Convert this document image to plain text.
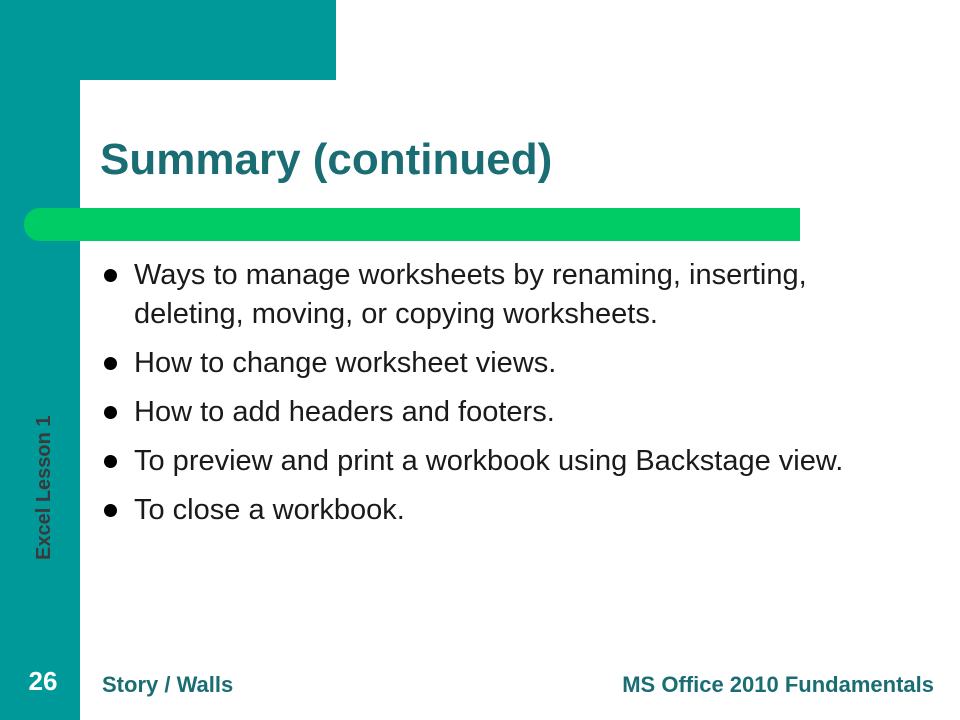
Excel Lesson 1
Summary (continued)
Ways to manage worksheets by renaming, inserting, deleting, moving, or copying worksheets.
How to change worksheet views.
How to add headers and footers.
To preview and print a workbook using Backstage view.
To close a workbook.
26	Story / Walls	MS Office 2010 Fundamentals
